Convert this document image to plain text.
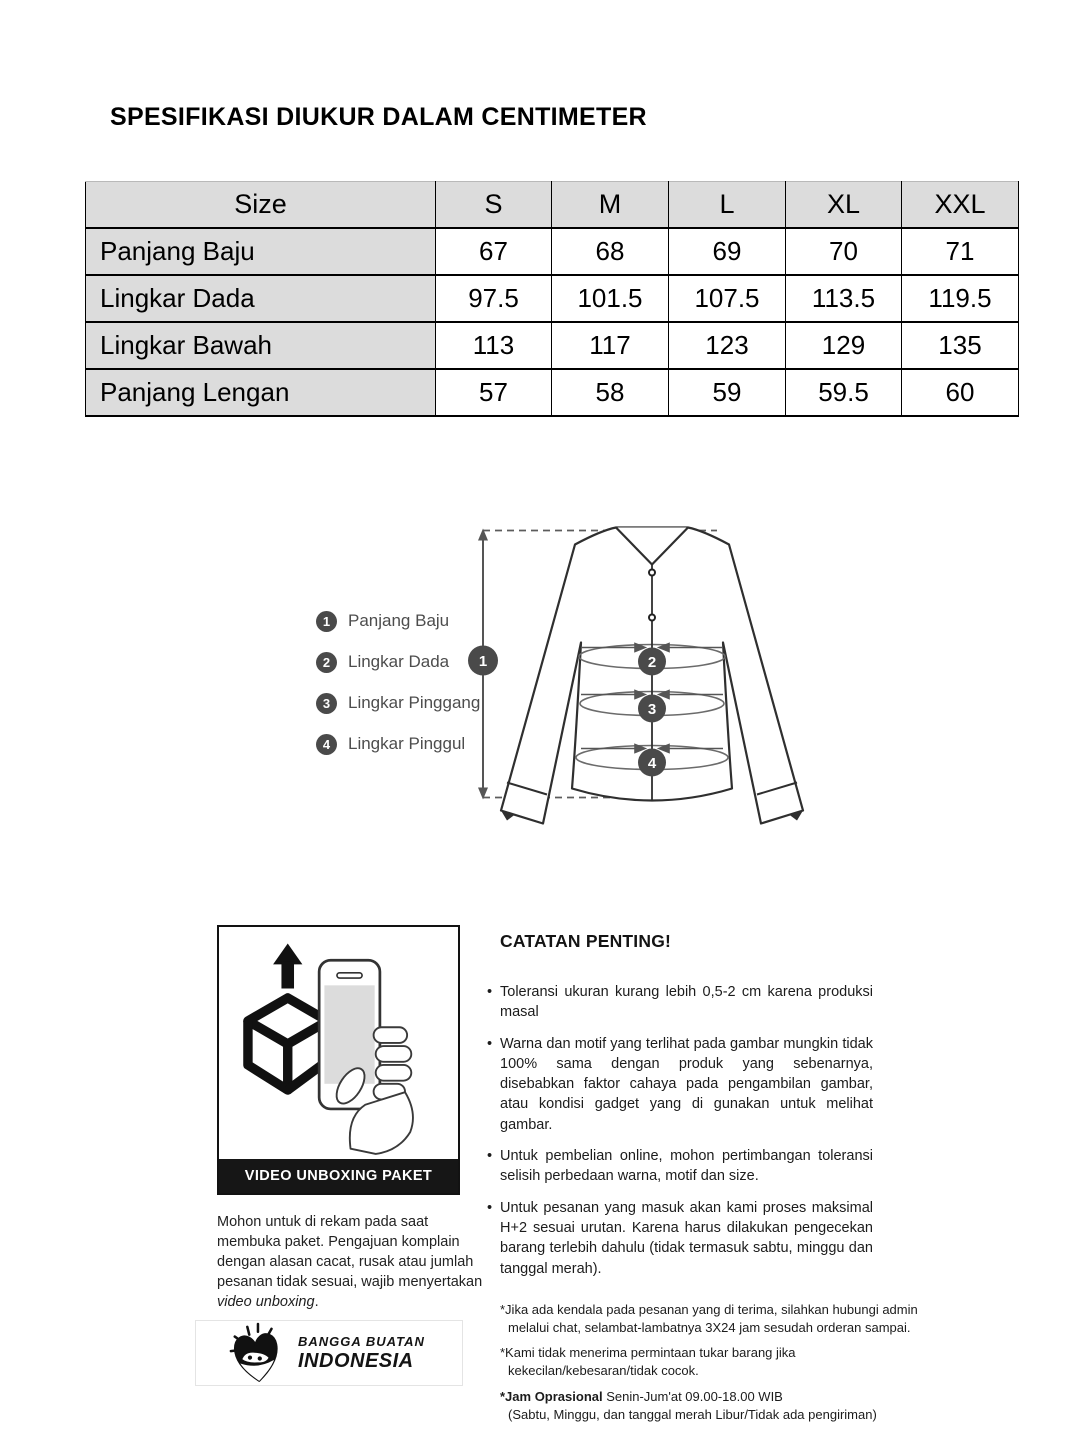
SPESIFIKASI DIUKUR DALAM CENTIMETER
Size	S	M	L	XL	XXL
Panjang Baju	67	68	69	70	71
Lingkar Dada	97.5	101.5	107.5	113.5	119.5
Lingkar Bawah	113	117	123	129	135
Panjang Lengan	57	58	59	59.5	60
1	Panjang Baju
2	Lingkar Dada
3	Lingkar Pinggang
4	Lingkar Pinggul
1	2
3
4
VIDEO UNBOXING PAKET

Mohon untuk di rekam pada saat membuka paket. Pengajuan komplain dengan alasan cacat, rusak atau jumlah pesanan tidak sesuai, wajib menyertakan video unboxing.

CATATAN PENTING!
• Toleransi ukuran kurang lebih 0,5-2 cm karena produksi masal
• Warna dan motif yang terlihat pada gambar mungkin tidak 100% sama dengan produk yang sebenarnya, disebabkan faktor cahaya pada pengambilan gambar, atau kondisi gadget yang di gunakan untuk melihat gambar.
• Untuk pembelian online, mohon pertimbangan toleransi selisih perbedaan warna, motif dan size.
• Untuk pesanan yang masuk akan kami proses maksimal H+2 sesuai urutan. Karena harus dilakukan pengecekan barang terlebih dahulu (tidak termasuk sabtu, minggu dan tanggal merah).

*Jika ada kendala pada pesanan yang di terima, silahkan hubungi admin melalui chat, selambat-lambatnya 3X24 jam sesudah orderan sampai.

*Kami tidak menerima permintaan tukar barang jika kekecilan/kebesaran/tidak cocok.

*Jam Oprasional Senin-Jum'at 09.00-18.00 WIB

(Sabtu, Minggu, dan tanggal merah Libur/Tidak ada pengiriman)

BANGGA BUATAN
INDONESIA
